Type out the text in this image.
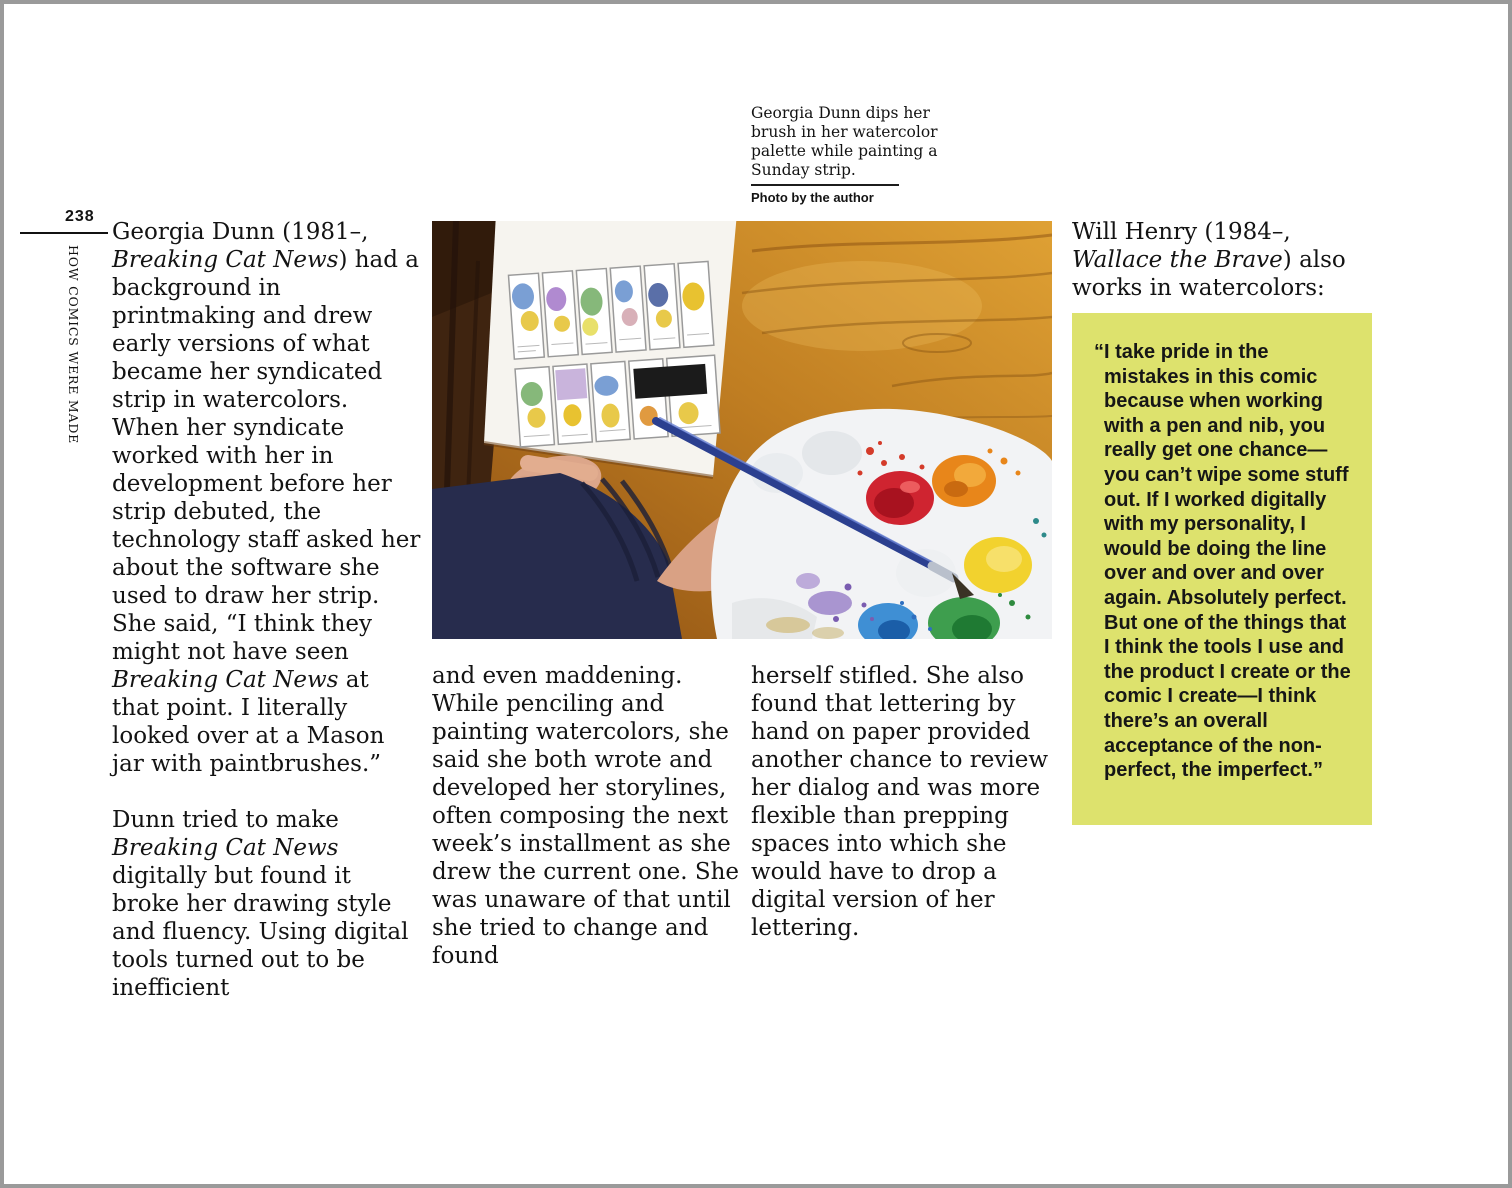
238
HOW COMICS WERE MADE
Georgia Dunn dips her brush in her watercolor palette while painting a Sunday strip.
Photo by the author

Georgia Dunn (1981–, Breaking Cat News) had a background in printmaking and drew early versions of what became her syndicated strip in watercolors. When her syndicate worked with her in development before her strip debuted, the technology staff asked her about the software she used to draw her strip. She said, “I think they might not have seen Breaking Cat News at that point. I literally looked over at a Mason jar with paintbrushes.”

Dunn tried to make Breaking Cat News digitally but found it broke her drawing style and fluency. Using digital tools turned out to be inefficient

and even maddening. While penciling and painting watercolors, she said she both wrote and developed her storylines, often composing the next week’s installment as she drew the current one. She was unaware of that until she tried to change and found

herself stifled. She also found that lettering by hand on paper provided another chance to review her dialog and was more flexible than prepping spaces into which she would have to drop a digital version of her lettering.

Will Henry (1984–, Wallace the Brave) also works in watercolors:
“I take pride in the mistakes in this comic because when working with a pen and nib, you really get one chance—you can’t wipe some stuff out. If I worked digitally with my personality, I would be doing the line over and over and over again. Absolutely perfect. But one of the things that I think the tools I use and the product I create or the comic I create—I think there’s an overall acceptance of the non-perfect, the imperfect.”
